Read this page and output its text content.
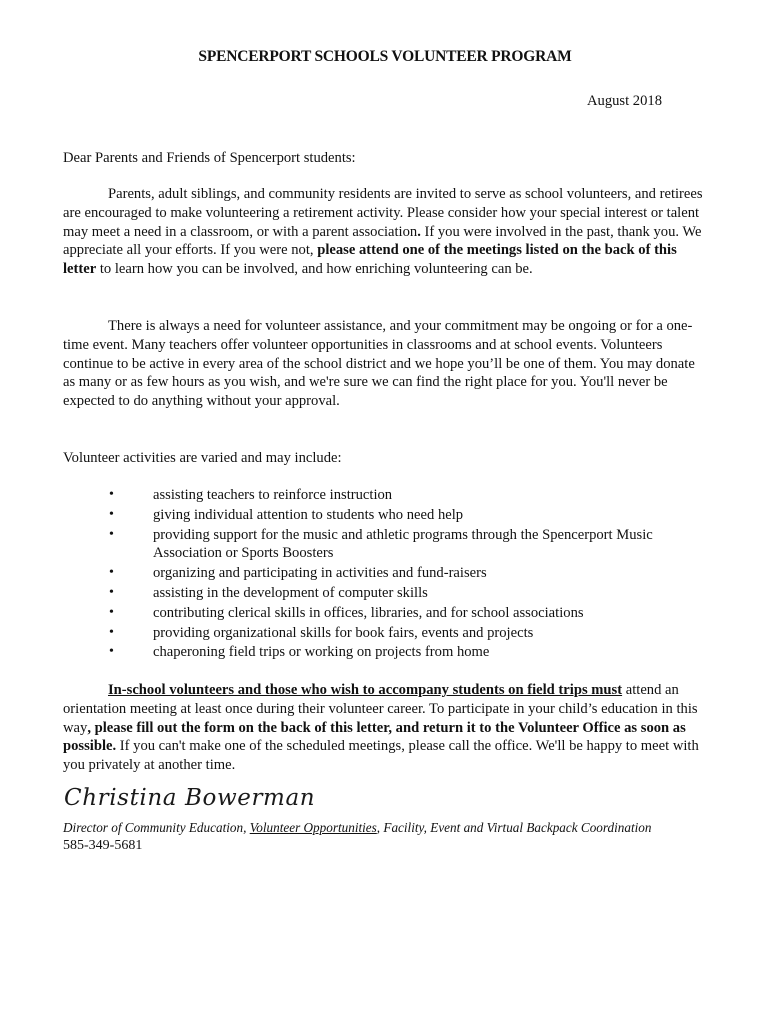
SPENCERPORT SCHOOLS VOLUNTEER PROGRAM
August 2018
Dear Parents and Friends of Spencerport students:

Parents, adult siblings, and community residents are invited to serve as school volunteers, and retirees are encouraged to make volunteering a retirement activity. Please consider how your special interest or talent may meet a need in a classroom, or with a parent association. If you were involved in the past, thank you. We appreciate all your efforts. If you were not, please attend one of the meetings listed on the back of this letter to learn how you can be involved, and how enriching volunteering can be.

There is always a need for volunteer assistance, and your commitment may be ongoing or for a one-time event. Many teachers offer volunteer opportunities in classrooms and at school events. Volunteers continue to be active in every area of the school district and we hope you’ll be one of them. You may donate as many or as few hours as you wish, and we're sure we can find the right place for you. You'll never be expected to do anything without your approval.

Volunteer activities are varied and may include:
•	assisting teachers to reinforce instruction
•	giving individual attention to students who need help
•	providing support for the music and athletic programs through the Spencerport Music Association or Sports Boosters
•	organizing and participating in activities and fund-raisers
•	assisting in the development of computer skills
•	contributing clerical skills in offices, libraries, and for school associations
•	providing organizational skills for book fairs, events and projects
•	chaperoning field trips or working on projects from home

In-school volunteers and those who wish to accompany students on field trips must attend an orientation meeting at least once during their volunteer career. To participate in your child’s education in this way, please fill out the form on the back of this letter, and return it to the Volunteer Office as soon as possible. If you can't make one of the scheduled meetings, please call the office. We'll be happy to meet with you privately at another time.

Christina Bowerman
Director of Community Education, Volunteer Opportunities, Facility, Event and Virtual Backpack Coordination
585-349-5681
